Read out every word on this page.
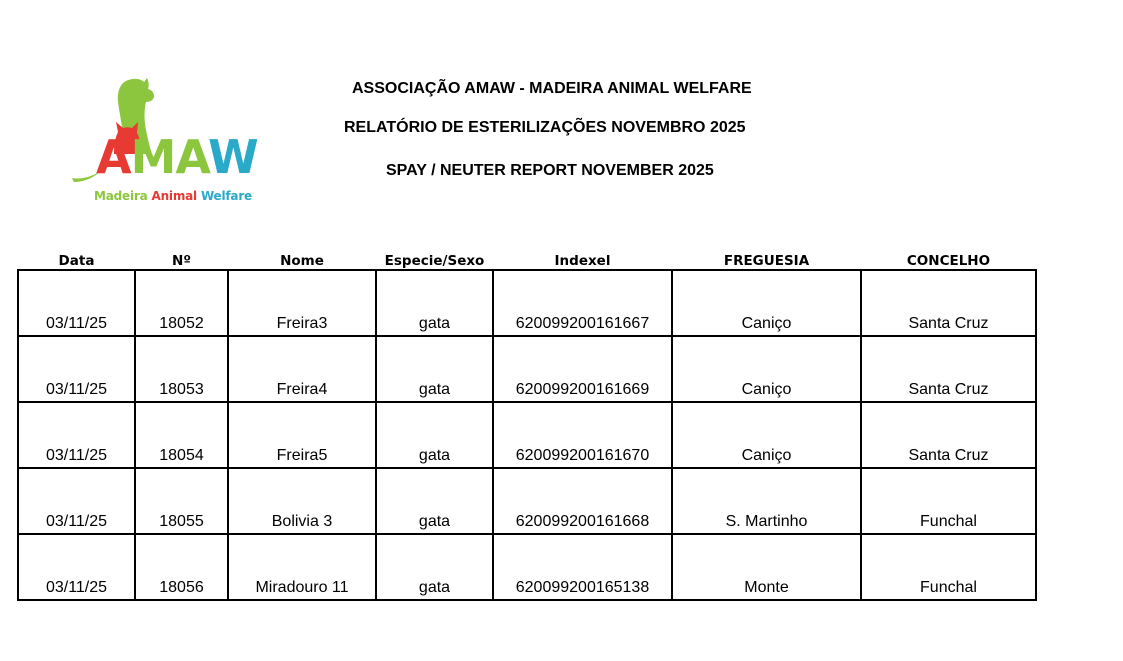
AMAW
Madeira Animal Welfare
ASSOCIAÇÃO AMAW - MADEIRA ANIMAL WELFARE
RELATÓRIO DE ESTERILIZAÇÕES NOVEMBRO 2025
SPAY / NEUTER REPORT NOVEMBER 2025
Data	Nº	Nome	Especie/Sexo	Indexel	FREGUESIA	CONCELHO
03/11/25	18052	Freira3	gata	620099200161667	Caniço	Santa Cruz
03/11/25	18053	Freira4	gata	620099200161669	Caniço	Santa Cruz
03/11/25	18054	Freira5	gata	620099200161670	Caniço	Santa Cruz
03/11/25	18055	Bolivia 3	gata	620099200161668	S. Martinho	Funchal
03/11/25	18056	Miradouro 11	gata	620099200165138	Monte	Funchal
